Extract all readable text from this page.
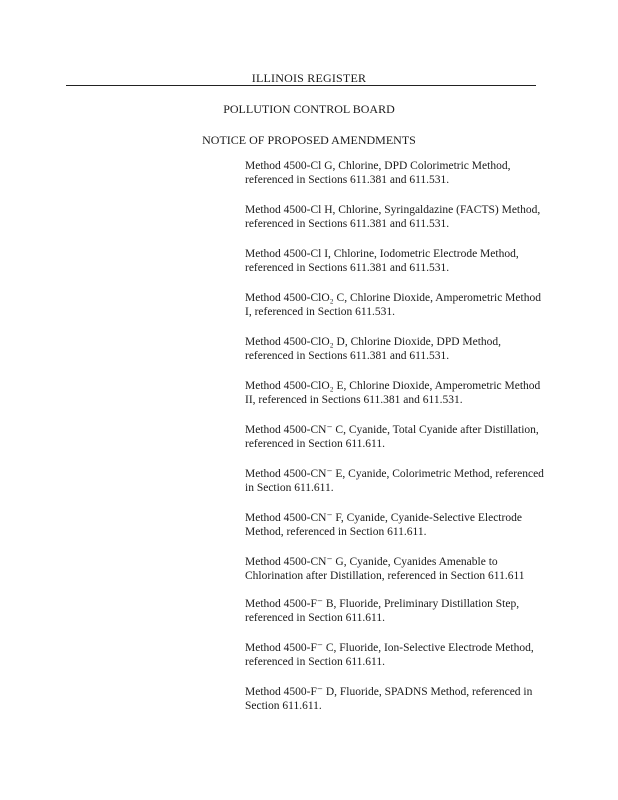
ILLINOIS REGISTER
POLLUTION CONTROL BOARD
NOTICE OF PROPOSED AMENDMENTS
Method 4500-Cl G, Chlorine, DPD Colorimetric Method, referenced in Sections 611.381 and 611.531.
Method 4500-Cl H, Chlorine, Syringaldazine (FACTS) Method, referenced in Sections 611.381 and 611.531.
Method 4500-Cl I, Chlorine, Iodometric Electrode Method, referenced in Sections 611.381 and 611.531.
Method 4500-ClO₂ C, Chlorine Dioxide, Amperometric Method I, referenced in Section 611.531.
Method 4500-ClO₂ D, Chlorine Dioxide, DPD Method, referenced in Sections 611.381 and 611.531.
Method 4500-ClO₂ E, Chlorine Dioxide, Amperometric Method II, referenced in Sections 611.381 and 611.531.
Method 4500-CN⁻ C, Cyanide, Total Cyanide after Distillation, referenced in Section 611.611.
Method 4500-CN⁻ E, Cyanide, Colorimetric Method, referenced in Section 611.611.
Method 4500-CN⁻ F, Cyanide, Cyanide-Selective Electrode Method, referenced in Section 611.611.
Method 4500-CN⁻ G, Cyanide, Cyanides Amenable to Chlorination after Distillation, referenced in Section 611.611
Method 4500-F⁻ B, Fluoride, Preliminary Distillation Step, referenced in Section 611.611.
Method 4500-F⁻ C, Fluoride, Ion-Selective Electrode Method, referenced in Section 611.611.
Method 4500-F⁻ D, Fluoride, SPADNS Method, referenced in Section 611.611.
